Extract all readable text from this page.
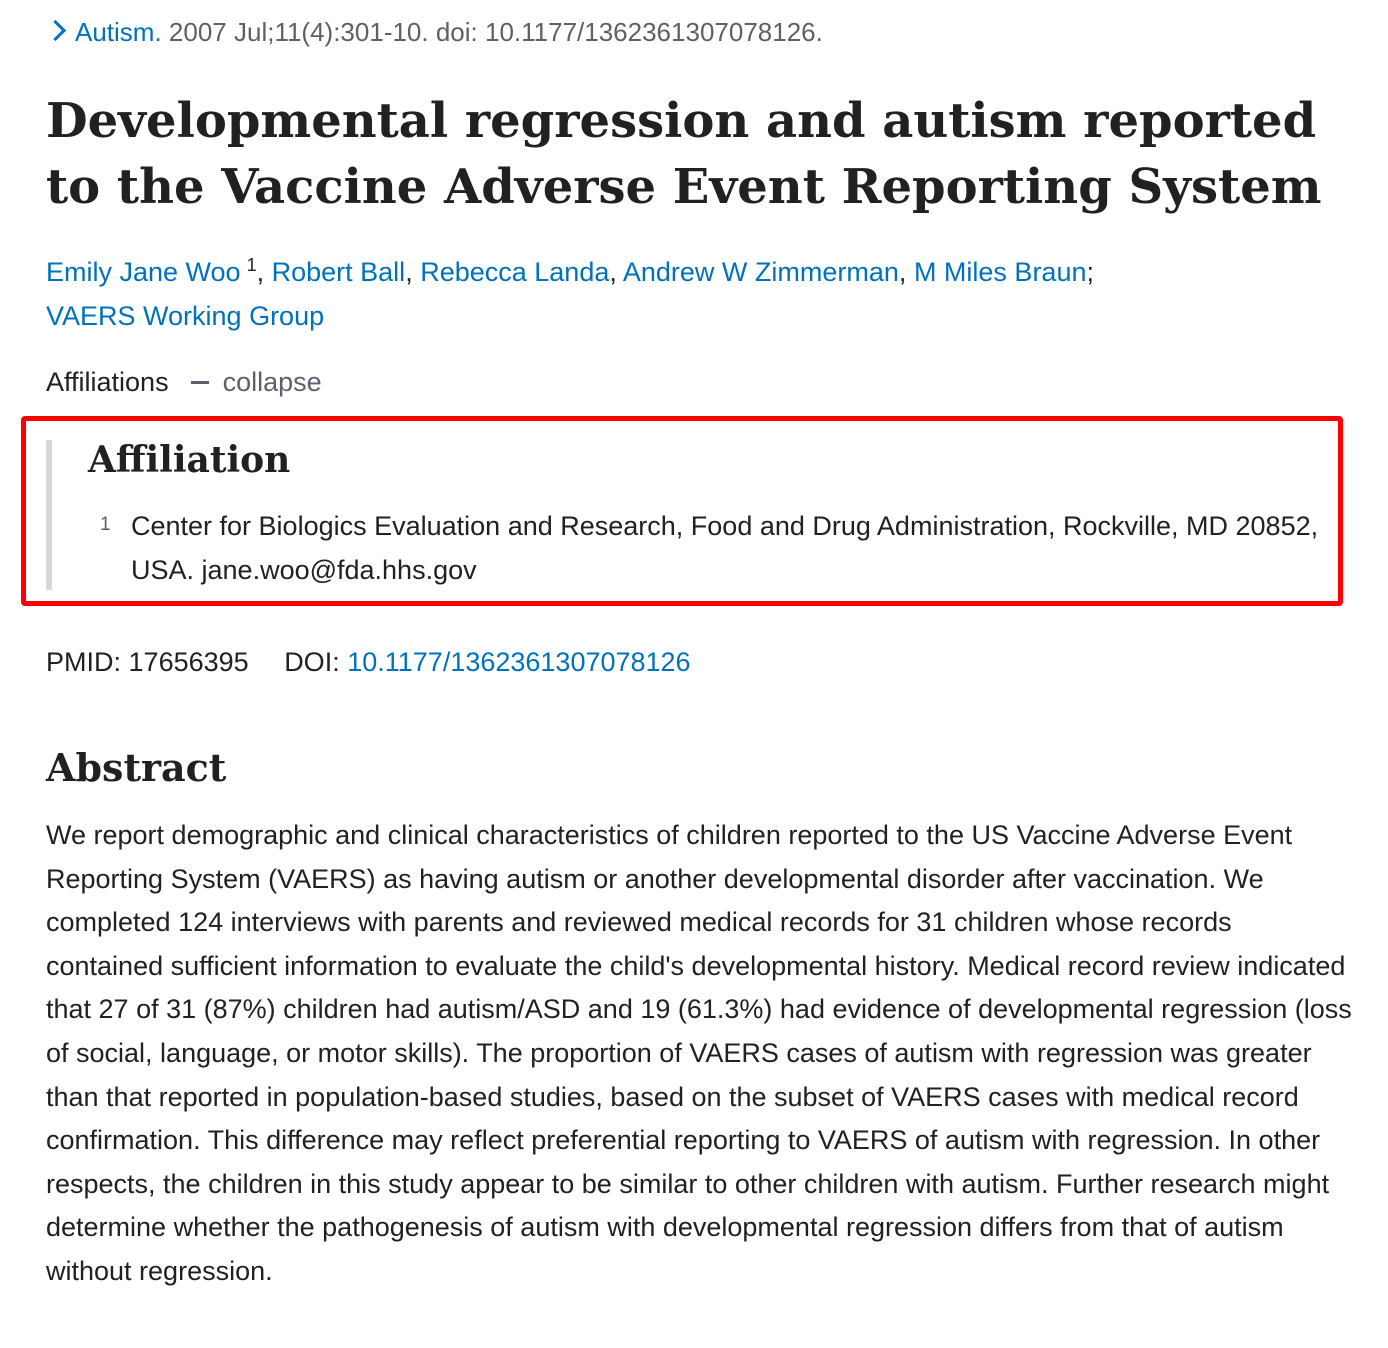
Autism. 2007 Jul;11(4):301-10. doi: 10.1177/1362361307078126.
Developmental regression and autism reported to the Vaccine Adverse Event Reporting System
Emily Jane Woo $^1$, Robert Ball, Rebecca Landa, Andrew W Zimmerman, M Miles Braun;
VAERS Working Group
Affiliations collapse
Affiliation
1 Center for Biologics Evaluation and Research, Food and Drug Administration, Rockville, MD 20852, USA. jane.woo@fda.hhs.gov
PMID: 17656395 DOI: 10.1177/1362361307078126
Abstract

We report demographic and clinical characteristics of children reported to the US Vaccine Adverse Event Reporting System (VAERS) as having autism or another developmental disorder after vaccination. We completed 124 interviews with parents and reviewed medical records for 31 children whose records contained sufficient information to evaluate the child's developmental history. Medical record review indicated that 27 of 31 (87%) children had autism/ASD and 19 (61.3%) had evidence of developmental regression (loss of social, language, or motor skills). The proportion of VAERS cases of autism with regression was greater than that reported in population-based studies, based on the subset of VAERS cases with medical record confirmation. This difference may reflect preferential reporting to VAERS of autism with regression. In other respects, the children in this study appear to be similar to other children with autism. Further research might determine whether the pathogenesis of autism with developmental regression differs from that of autism without regression.
